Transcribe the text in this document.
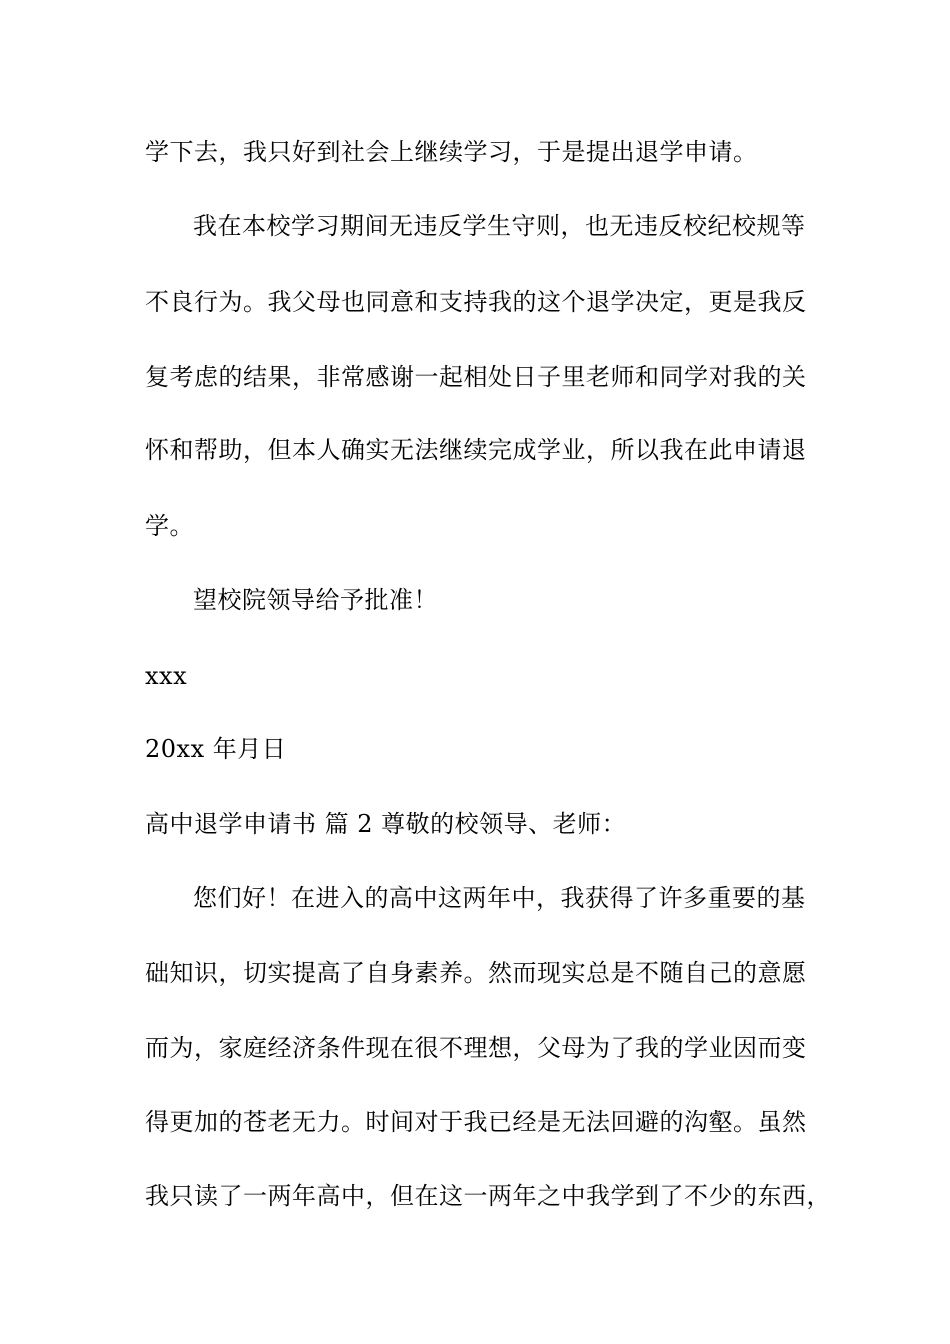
学下去，我只好到社会上继续学习，于是提出退学申请。
我在本校学习期间无违反学生守则，也无违反校纪校规等
不良行为。我父母也同意和支持我的这个退学决定，更是我反
复考虑的结果，非常感谢一起相处日子里老师和同学对我的关
怀和帮助，但本人确实无法继续完成学业，所以我在此申请退
学。
望校院领导给予批准！
xxx
20xx 年月日
高中退学申请书 篇 2 尊敬的校领导、老师：
您们好！在进入的高中这两年中，我获得了许多重要的基
础知识，切实提高了自身素养。然而现实总是不随自己的意愿
而为，家庭经济条件现在很不理想，父母为了我的学业因而变
得更加的苍老无力。时间对于我已经是无法回避的沟壑。虽然
我只读了一两年高中，但在这一两年之中我学到了不少的东西，
